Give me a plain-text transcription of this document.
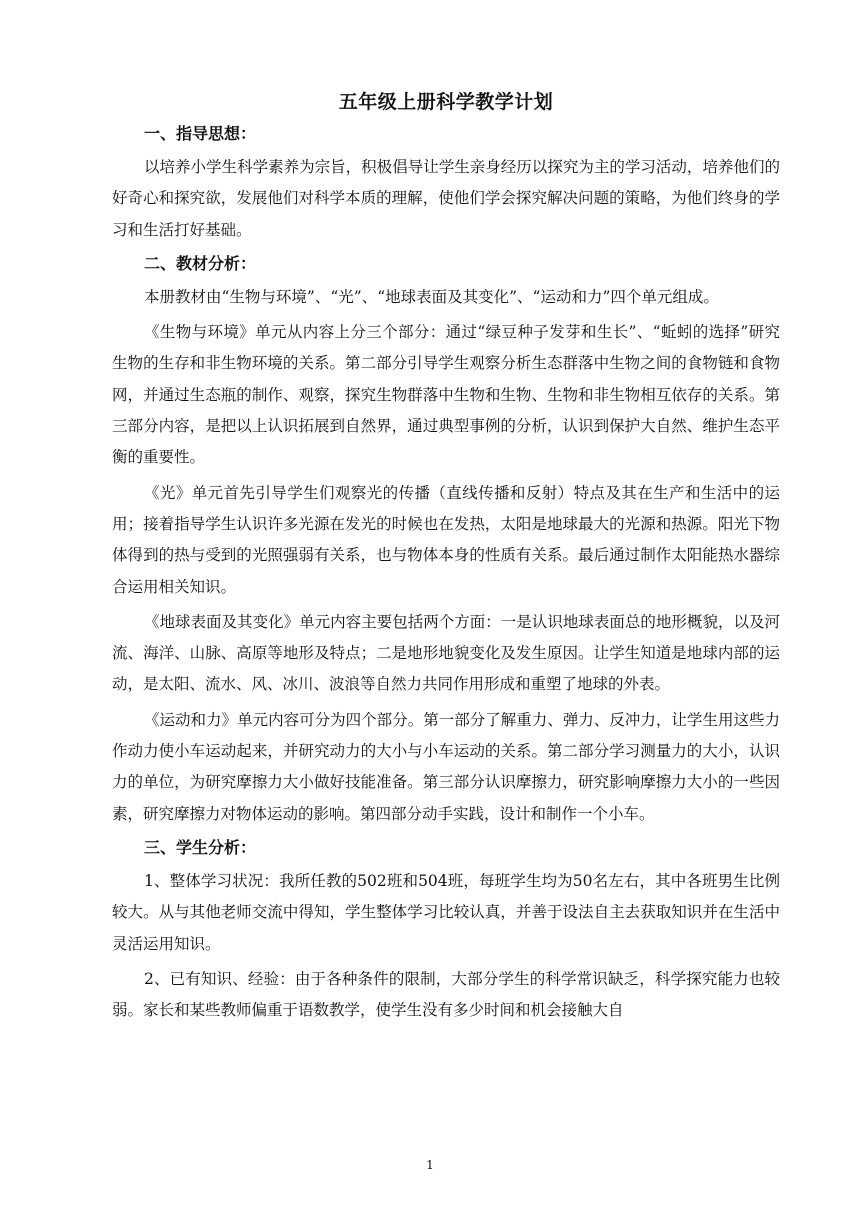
五年级上册科学教学计划
一、指导思想：

以培养小学生科学素养为宗旨，积极倡导让学生亲身经历以探究为主的学习活动，培养他们的好奇心和探究欲，发展他们对科学本质的理解，使他们学会探究解决问题的策略，为他们终身的学习和生活打好基础。

二、教材分析：

本册教材由“生物与环境”、“光”、“地球表面及其变化”、“运动和力”四个单元组成。

《生物与环境》单元从内容上分三个部分：通过“绿豆种子发芽和生长”、“蚯蚓的选择”研究生物的生存和非生物环境的关系。第二部分引导学生观察分析生态群落中生物之间的食物链和食物网，并通过生态瓶的制作、观察，探究生物群落中生物和生物、生物和非生物相互依存的关系。第三部分内容，是把以上认识拓展到自然界，通过典型事例的分析，认识到保护大自然、维护生态平衡的重要性。

《光》单元首先引导学生们观察光的传播（直线传播和反射）特点及其在生产和生活中的运用；接着指导学生认识许多光源在发光的时候也在发热，太阳是地球最大的光源和热源。阳光下物体得到的热与受到的光照强弱有关系，也与物体本身的性质有关系。最后通过制作太阳能热水器综合运用相关知识。

《地球表面及其变化》单元内容主要包括两个方面：一是认识地球表面总的地形概貌，以及河流、海洋、山脉、高原等地形及特点；二是地形地貌变化及发生原因。让学生知道是地球内部的运动，是太阳、流水、风、冰川、波浪等自然力共同作用形成和重塑了地球的外表。

《运动和力》单元内容可分为四个部分。第一部分了解重力、弹力、反冲力，让学生用这些力作动力使小车运动起来，并研究动力的大小与小车运动的关系。第二部分学习测量力的大小，认识力的单位，为研究摩擦力大小做好技能准备。第三部分认识摩擦力，研究影响摩擦力大小的一些因素，研究摩擦力对物体运动的影响。第四部分动手实践，设计和制作一个小车。

三、学生分析：

1、整体学习状况：我所任教的502班和504班，每班学生均为50名左右，其中各班男生比例较大。从与其他老师交流中得知，学生整体学习比较认真，并善于设法自主去获取知识并在生活中灵活运用知识。

2、已有知识、经验：由于各种条件的限制，大部分学生的科学常识缺乏，科学探究能力也较弱。家长和某些教师偏重于语数教学，使学生没有多少时间和机会接触大自

1
